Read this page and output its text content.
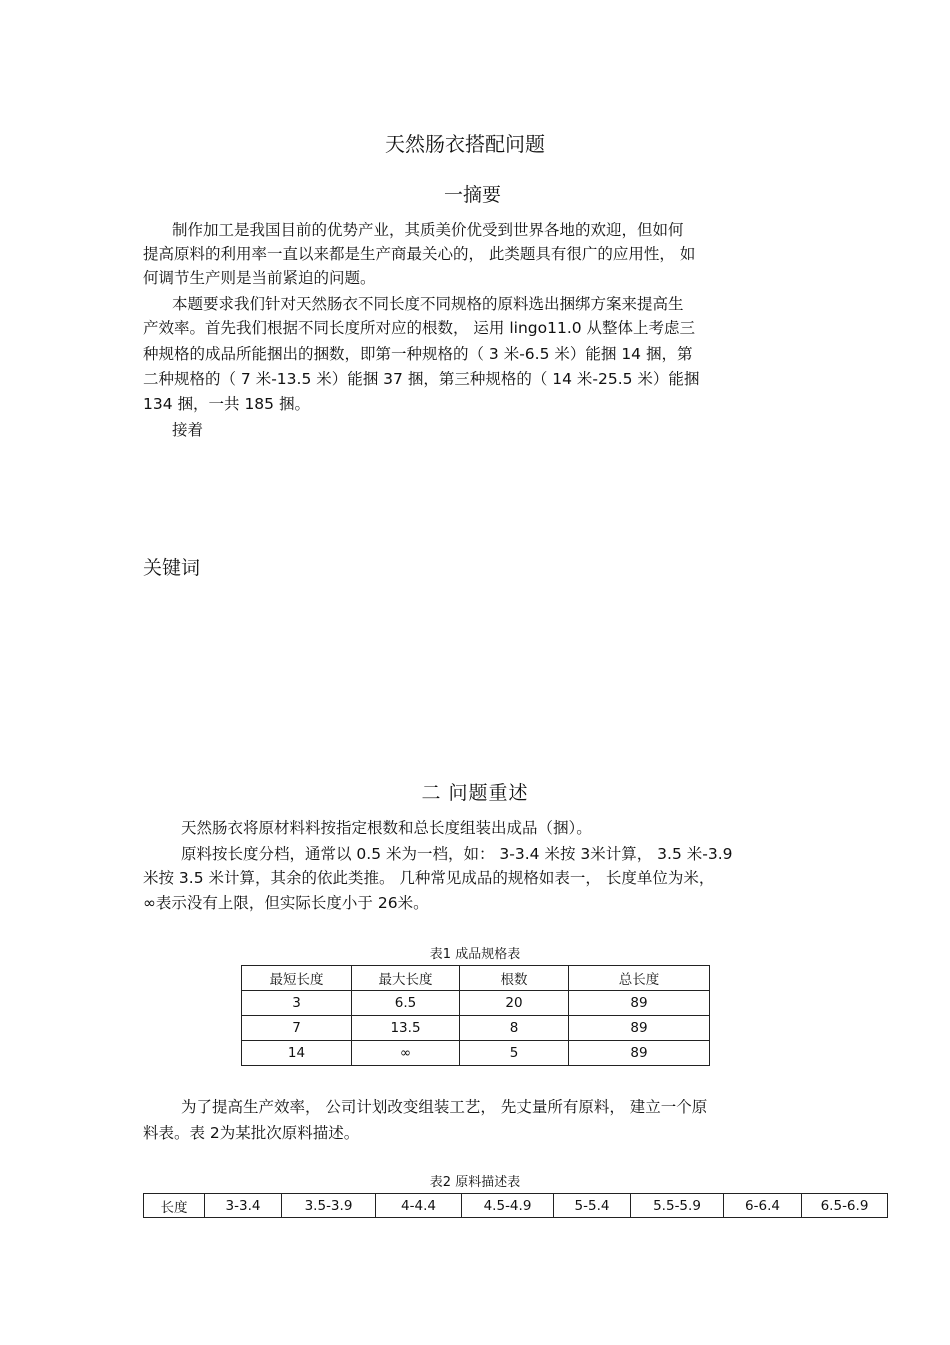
天然肠衣搭配问题
一摘要
制作加工是我国目前的优势产业，其质美价优受到世界各地的欢迎，但如何
提高原料的利用率一直以来都是生产商最关心的， 此类题具有很广的应用性， 如
何调节生产则是当前紧迫的问题。
本题要求我们针对天然肠衣不同长度不同规格的原料选出捆绑方案来提高生
产效率。首先我们根据不同长度所对应的根数， 运用 lingo11.0 从整体上考虑三
种规格的成品所能捆出的捆数，即第一种规格的（ 3 米-6.5 米）能捆 14 捆，第
二种规格的（ 7 米-13.5 米）能捆 37 捆，第三种规格的（ 14 米-25.5 米）能捆
134 捆，一共 185 捆。
接着
关键词
二 问题重述
天然肠衣将原材料料按指定根数和总长度组装出成品（捆）。
原料按长度分档，通常以 0.5 米为一档，如： 3-3.4 米按 3米计算， 3.5 米-3.9
米按 3.5 米计算，其余的依此类推。 几种常见成品的规格如表一， 长度单位为米，
∞表示没有上限，但实际长度小于 26米。
表1 成品规格表
最短长度	最大长度	根数	总长度
3	6.5	20	89
7	13.5	8	89
14	∞	5	89
为了提高生产效率， 公司计划改变组装工艺， 先丈量所有原料， 建立一个原
料表。表 2为某批次原料描述。
表2 原料描述表
长度	3-3.4	3.5-3.9	4-4.4	4.5-4.9	5-5.4	5.5-5.9	6-6.4	6.5-6.9
